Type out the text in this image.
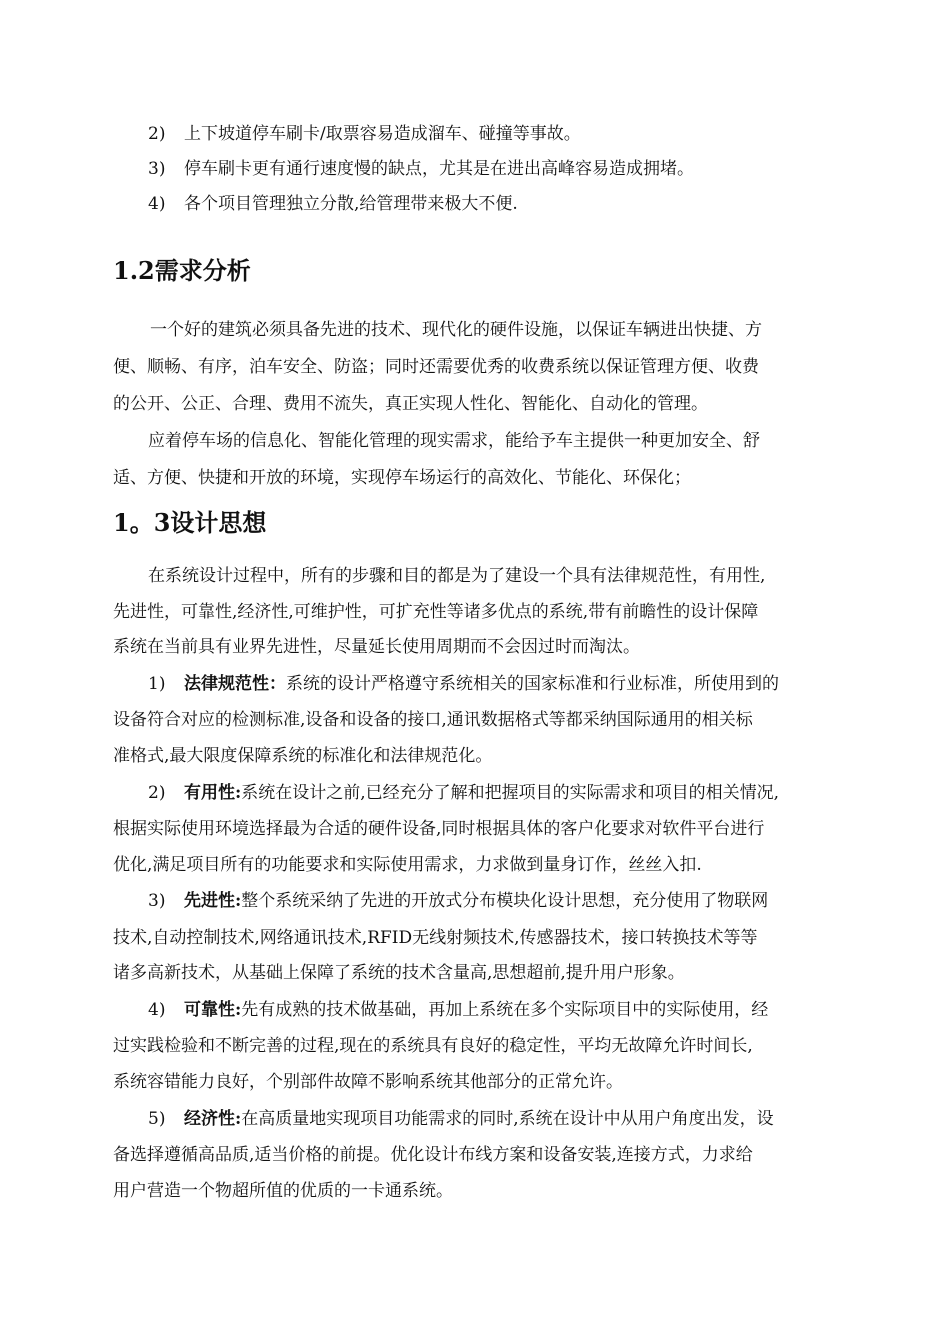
2) 上下坡道停车刷卡/取票容易造成溜车、碰撞等事故。
3) 停车刷卡更有通行速度慢的缺点，尤其是在进出高峰容易造成拥堵。
4) 各个项目管理独立分散,给管理带来极大不便.
1.2需求分析
一个好的建筑必须具备先进的技术、现代化的硬件设施，以保证车辆进出快捷、方
便、顺畅、有序，泊车安全、防盗；同时还需要优秀的收费系统以保证管理方便、收费
的公开、公正、合理、费用不流失，真正实现人性化、智能化、自动化的管理。
应着停车场的信息化、智能化管理的现实需求，能给予车主提供一种更加安全、舒
适、方便、快捷和开放的环境，实现停车场运行的高效化、节能化、环保化；
1。3设计思想
在系统设计过程中，所有的步骤和目的都是为了建设一个具有法律规范性，有用性,
先进性，可靠性,经济性,可维护性，可扩充性等诸多优点的系统,带有前瞻性的设计保障
系统在当前具有业界先进性，尽量延长使用周期而不会因过时而淘汰。
1) 法律规范性：系统的设计严格遵守系统相关的国家标准和行业标准，所使用到的
设备符合对应的检测标准,设备和设备的接口,通讯数据格式等都采纳国际通用的相关标
准格式,最大限度保障系统的标准化和法律规范化。
2) 有用性:系统在设计之前,已经充分了解和把握项目的实际需求和项目的相关情况,
根据实际使用环境选择最为合适的硬件设备,同时根据具体的客户化要求对软件平台进行
优化,满足项目所有的功能要求和实际使用需求，力求做到量身订作，丝丝入扣.
3) 先进性:整个系统采纳了先进的开放式分布模块化设计思想，充分使用了物联网
技术,自动控制技术,网络通讯技术,RFID无线射频技术,传感器技术，接口转换技术等等
诸多高新技术，从基础上保障了系统的技术含量高,思想超前,提升用户形象。
4) 可靠性:先有成熟的技术做基础，再加上系统在多个实际项目中的实际使用，经
过实践检验和不断完善的过程,现在的系统具有良好的稳定性，平均无故障允许时间长,
系统容错能力良好，个别部件故障不影响系统其他部分的正常允许。
5) 经济性:在高质量地实现项目功能需求的同时,系统在设计中从用户角度出发，设
备选择遵循高品质,适当价格的前提。优化设计布线方案和设备安装,连接方式，力求给
用户营造一个物超所值的优质的一卡通系统。
